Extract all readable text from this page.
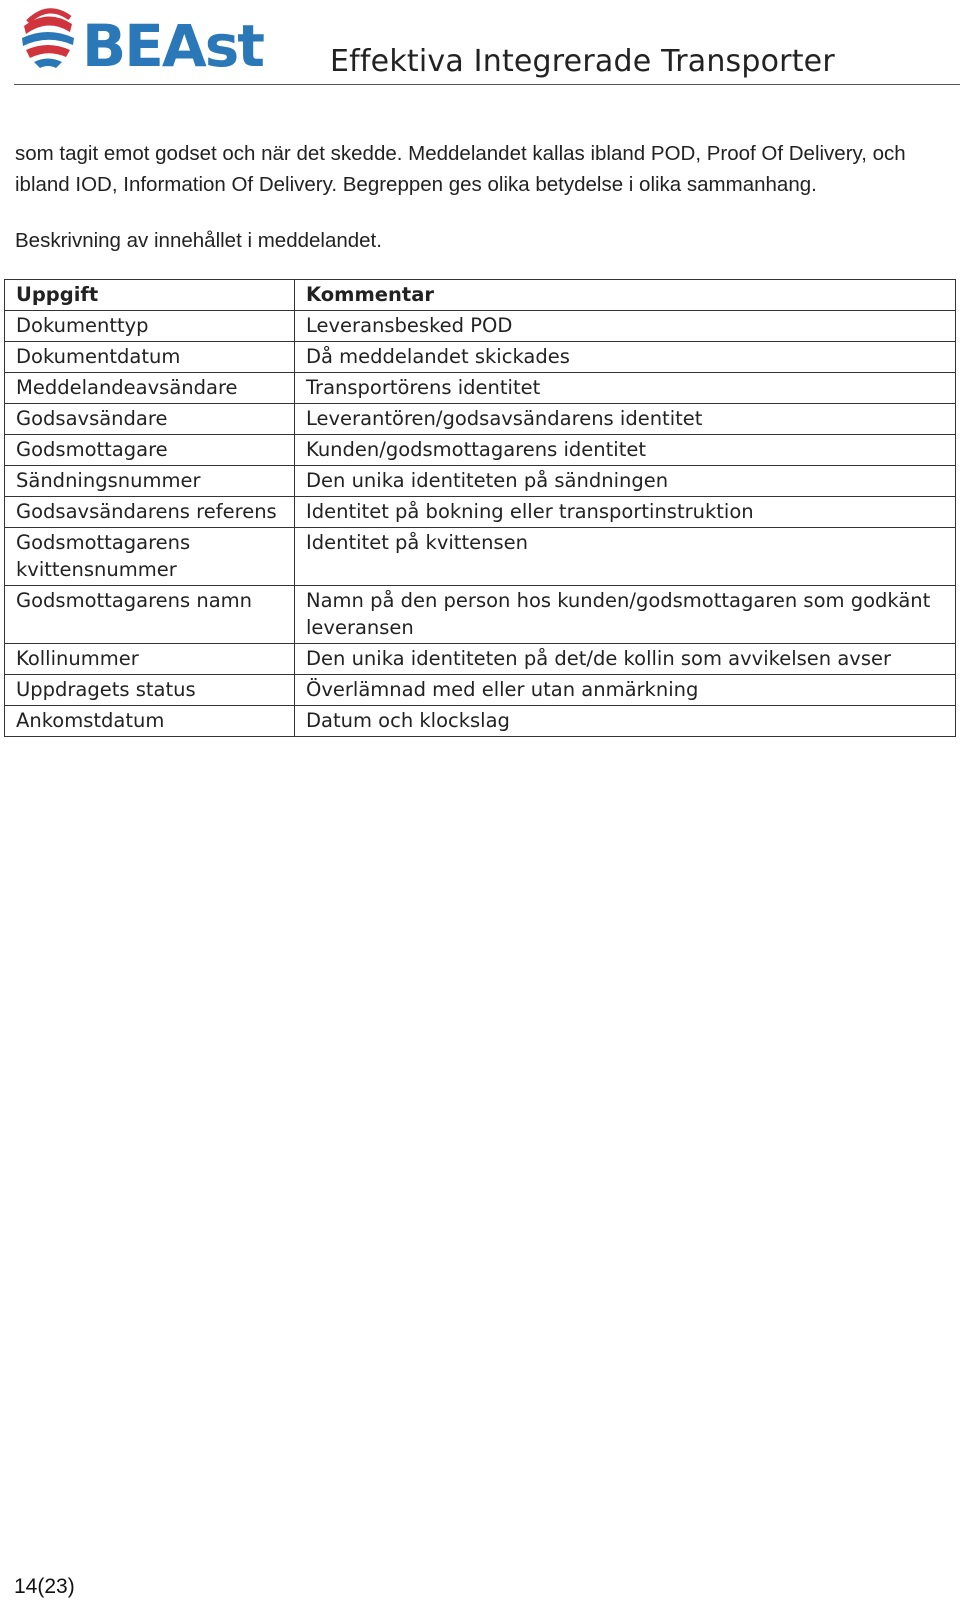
BEAst Effektiva Integrerade Transporter

som tagit emot godset och när det skedde. Meddelandet kallas ibland POD, Proof Of Delivery, och ibland IOD, Information Of Delivery. Begreppen ges olika betydelse i olika sammanhang.

Beskrivning av innehållet i meddelandet.

Uppgift	Kommentar
Dokumenttyp	Leveransbesked POD
Dokumentdatum	Då meddelandet skickades
Meddelandeavsändare	Transportörens identitet
Godsavsändare	Leverantören/godsavsändarens identitet
Godsmottagare	Kunden/godsmottagarens identitet
Sändningsnummer	Den unika identiteten på sändningen
Godsavsändarens referens	Identitet på bokning eller transportinstruktion
Godsmottagarens kvittensnummer	Identitet på kvittensen
Godsmottagarens namn	Namn på den person hos kunden/godsmottagaren som godkänt leveransen
Kollinummer	Den unika identiteten på det/de kollin som avvikelsen avser
Uppdragets status	Överlämnad med eller utan anmärkning
Ankomstdatum	Datum och klockslag
14(23)
